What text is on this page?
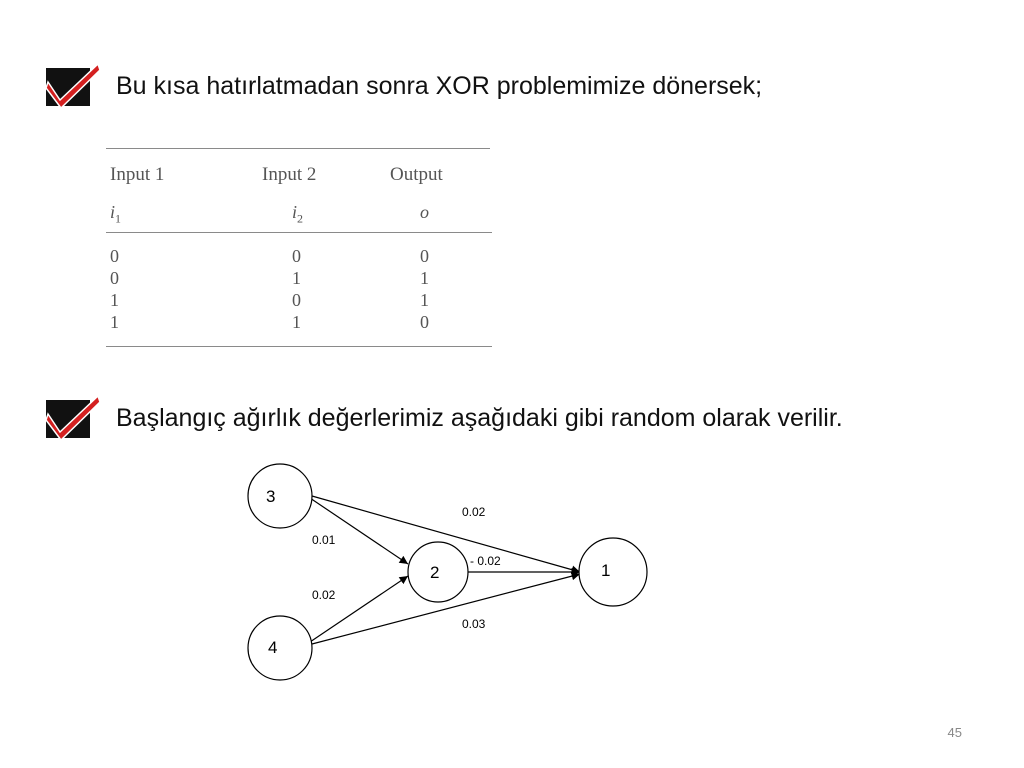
Bu kısa hatırlatmadan sonra XOR problemimize dönersek;
Input 1	Input 2	Output
$i_1$	$i_2$	o
0	0	0
0	1	1
1	0	1
1	1	0
Başlangıç ağırlık değerlerimiz aşağıdaki gibi random olarak verilir.
3
4
2	1
0.01
0.02
0.02
- 0.02
0.03
45
